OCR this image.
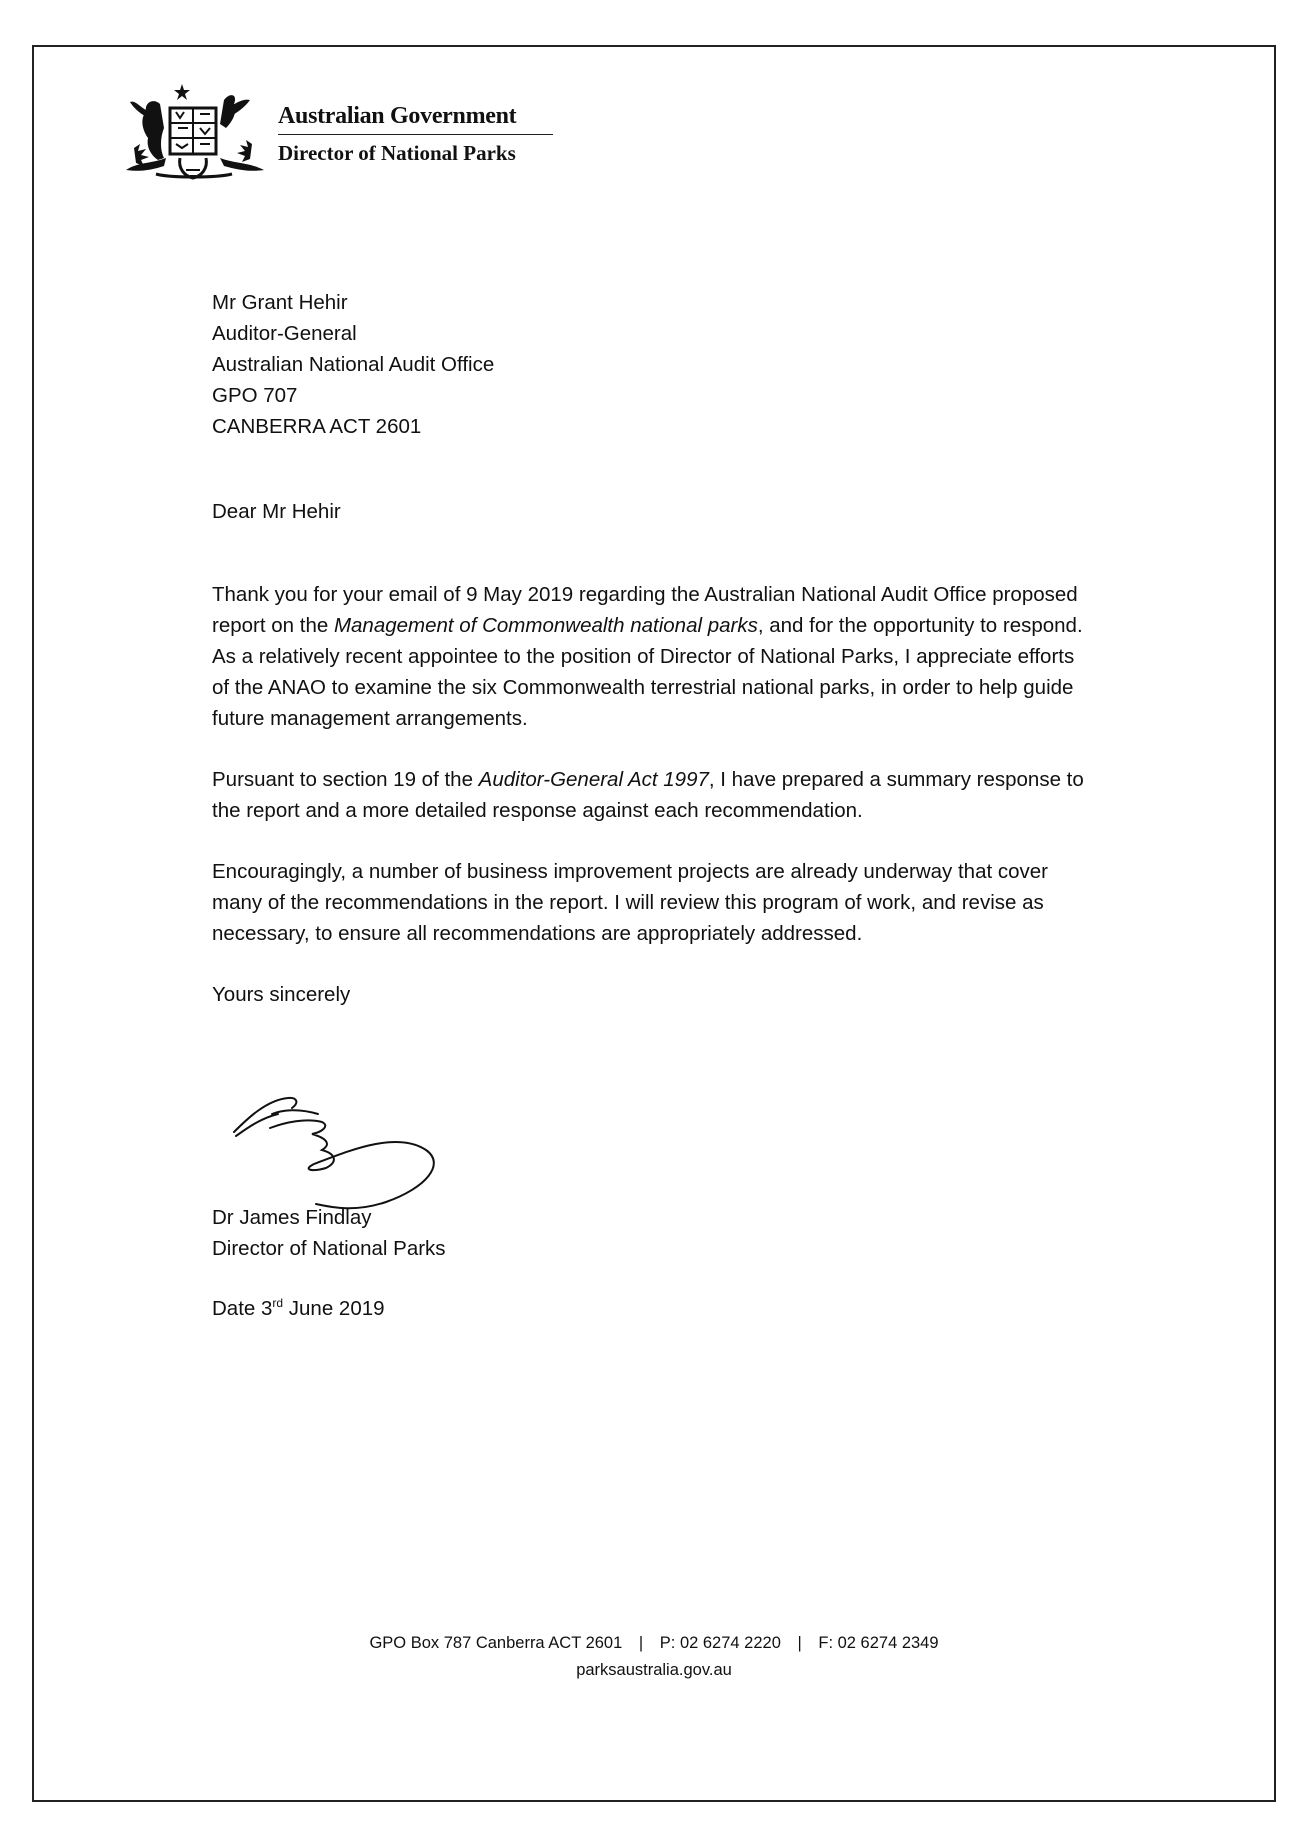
Australian Government
Director of National Parks
Mr Grant Hehir
Auditor-General
Australian National Audit Office
GPO 707
CANBERRA ACT 2601
Dear Mr Hehir

Thank you for your email of 9 May 2019 regarding the Australian National Audit Office proposed report on the Management of Commonwealth national parks, and for the opportunity to respond. As a relatively recent appointee to the position of Director of National Parks, I appreciate efforts of the ANAO to examine the six Commonwealth terrestrial national parks, in order to help guide future management arrangements.

Pursuant to section 19 of the Auditor-General Act 1997, I have prepared a summary response to the report and a more detailed response against each recommendation.

Encouragingly, a number of business improvement projects are already underway that cover many of the recommendations in the report. I will review this program of work, and revise as necessary, to ensure all recommendations are appropriately addressed.

Yours sincerely
Dr James Findlay
Director of National Parks
Date 3rd June 2019
GPO Box 787 Canberra ACT 2601 | P: 02 6274 2220 | F: 02 6274 2349
parksaustralia.gov.au
